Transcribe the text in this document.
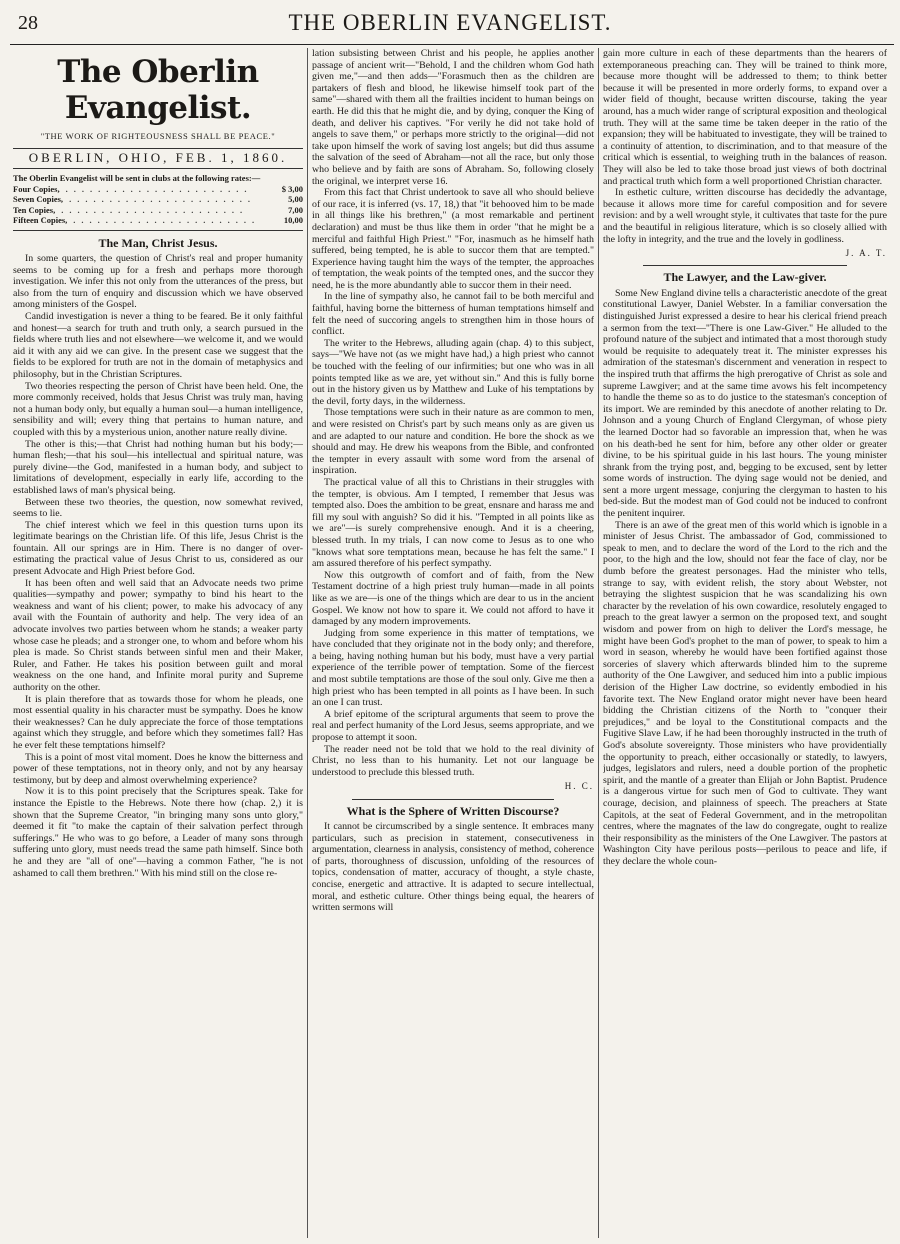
28	THE OBERLIN EVANGELIST.
The Oberlin Evangelist.
"THE WORK OF RIGHTEOUSNESS SHALL BE PEACE."
OBERLIN, OHIO, FEB. 1, 1860.
The Oberlin Evangelist will be sent in clubs at the following rates:—
Four Copies, .......................	$ 3,00
Seven Copies, .......................	5,00
Ten Copies, .......................	7,00
Fifteen Copies, .......................	10,00
The Man, Christ Jesus.

In some quarters, the question of Christ's real and proper humanity seems to be coming up for a fresh and perhaps more thorough investigation. We infer this not only from the utterances of the press, but also from the turn of enquiry and discussion which we have observed among ministers of the Gospel.

Candid investigation is never a thing to be feared. Be it only faithful and honest—a search for truth and truth only, a search pursued in the fields where truth lies and not elsewhere—we welcome it, and we would aid it with any aid we can give. In the present case we suggest that the fields to be explored for truth are not in the domain of metaphysics and philosophy, but in the Christian Scriptures.

Two theories respecting the person of Christ have been held. One, the more commonly received, holds that Jesus Christ was truly man, having not a human body only, but equally a human soul—a human intelligence, sensibility and will; every thing that pertains to human nature, and coupled with this by a mysterious union, another nature really divine.

The other is this;—that Christ had nothing human but his body;—human flesh;—that his soul—his intellectual and spiritual nature, was purely divine—the God, manifested in a human body, and subject to limitations of development, especially in early life, according to the established laws of man's physical being.

Between these two theories, the question, now somewhat revived, seems to lie.

The chief interest which we feel in this question turns upon its legitimate bearings on the Christian life. Of this life, Jesus Christ is the fountain. All our springs are in Him. There is no danger of over-estimating the practical value of Jesus Christ to us, considered as our present Advocate and High Priest before God.

It has been often and well said that an Advocate needs two prime qualities—sympathy and power; sympathy to bind his heart to the weakness and want of his client; power, to make his advocacy of any avail with the Fountain of authority and help. The very idea of an advocate involves two parties between whom he stands; a weaker party whose case he pleads; and a stronger one, to whom and before whom his plea is made. So Christ stands between sinful men and their Maker, Ruler, and Father. He takes his position between guilt and moral weakness on the one hand, and Infinite moral purity and Supreme authority on the other.

It is plain therefore that as towards those for whom he pleads, one most essential quality in his character must be sympathy. Does he know their weaknesses? Can he duly appreciate the force of those temptations against which they struggle, and before which they sometimes fall? Has he ever felt these temptations himself?

This is a point of most vital moment. Does he know the bitterness and power of these temptations, not in theory only, and not by any hearsay testimony, but by deep and almost overwhelming experience?

Now it is to this point precisely that the Scriptures speak. Take for instance the Epistle to the Hebrews. Note there how (chap. 2,) it is shown that the Supreme Creator, "in bringing many sons unto glory," deemed it fit "to make the captain of their salvation perfect through sufferings." He who was to go before, a Leader of many sons through suffering unto glory, must needs tread the same path himself. Since both he and they are "all of one"—having a common Father, "he is not ashamed to call them brethren." With his mind still on the close re-

lation subsisting between Christ and his people, he applies another passage of ancient writ—"Behold, I and the children whom God hath given me,"—and then adds—"Forasmuch then as the children are partakers of flesh and blood, he likewise himself took part of the same"—shared with them all the frailties incident to human beings on earth. He did this that he might die, and by dying, conquer the King of death, and deliver his captives. "For verily he did not take hold of angels to save them," or perhaps more strictly to the original—did not take upon himself the work of saving lost angels; but did thus assume the salvation of the seed of Abraham—not all the race, but only those who believe and by faith are sons of Abraham. So, following closely the original, we interpret verse 16.

From this fact that Christ undertook to save all who should believe of our race, it is inferred (vs. 17, 18,) that "it behooved him to be made in all things like his brethren," (a most remarkable and pertinent declaration) and must be thus like them in order "that he might be a merciful and faithful High Priest." "For, inasmuch as he himself hath suffered, being tempted, he is able to succor them that are tempted." Experience having taught him the ways of the tempter, the approaches of temptation, the weak points of the tempted ones, and the succor they need, he is the more abundantly able to succor them in their need.

In the line of sympathy also, he cannot fail to be both merciful and faithful, having borne the bitterness of human temptations himself and felt the need of succoring angels to strengthen him in those hours of conflict.

The writer to the Hebrews, alluding again (chap. 4) to this subject, says—"We have not (as we might have had,) a high priest who cannot be touched with the feeling of our infirmities; but one who was in all points tempted like as we are, yet without sin." And this is fully borne out in the history given us by Matthew and Luke of his temptations by the devil, forty days, in the wilderness.

Those temptations were such in their nature as are common to men, and were resisted on Christ's part by such means only as are given us and are adapted to our nature and condition. He bore the shock as we should and may. He drew his weapons from the Bible, and confronted the tempter in every assault with some word from the arsenal of inspiration.

The practical value of all this to Christians in their struggles with the tempter, is obvious. Am I tempted, I remember that Jesus was tempted also. Does the ambition to be great, ensnare and harass me and fill my soul with anguish? So did it his. "Tempted in all points like as we are"—is surely comprehensive enough. And it is a cheering, blessed truth. In my trials, I can now come to Jesus as to one who "knows what sore temptations mean, because he has felt the same." I am assured therefore of his perfect sympathy.

Now this outgrowth of comfort and of faith, from the New Testament doctrine of a high priest truly human—made in all points like as we are—is one of the things which are dear to us in the ancient Gospel. We know not how to spare it. We could not afford to have it damaged by any modern improvements.

Judging from some experience in this matter of temptations, we have concluded that they originate not in the body only; and therefore, a being, having nothing human but his body, must have a very partial experience of the terrible power of temptation. Some of the fiercest and most subtile temptations are those of the soul only. Give me then a high priest who has been tempted in all points as I have been. In such an one I can trust.

A brief epitome of the scriptural arguments that seem to prove the real and perfect humanity of the Lord Jesus, seems appropriate, and we propose to attempt it soon.

The reader need not be told that we hold to the real divinity of Christ, no less than to his humanity. Let not our language be understood to preclude this blessed truth.

H. C.
What is the Sphere of Written Discourse?

It cannot be circumscribed by a single sentence. It embraces many particulars, such as precision in statement, consecutiveness in argumentation, clearness in analysis, consistency of method, coherence of parts, thoroughness of discussion, unfolding of the resources of topics, condensation of matter, accuracy of thought, a style chaste, concise, energetic and attractive. It is adapted to secure intellectual, moral, and esthetic culture. Other things being equal, the hearers of written sermons will

gain more culture in each of these departments than the hearers of extemporaneous preaching can. They will be trained to think more, because more thought will be addressed to them; to think better because it will be presented in more orderly forms, to expand over a wider field of thought, because written discourse, taking the year around, has a much wider range of scriptural exposition and theological truth. They will at the same time be taken deeper in the ratio of the expansion; they will be habituated to investigate, they will be trained to a continuity of attention, to discrimination, and to that measure of the critical which is essential, to weighing truth in the balances of reason. They will also be led to take those broad just views of both doctrinal and practical truth which form a well proportioned Christian character.

In esthetic culture, written discourse has decidedly the advantage, because it allows more time for careful composition and for severe revision: and by a well wrought style, it cultivates that taste for the pure and the beautiful in religious literature, which is so closely allied with the lofty in integrity, and the true and the lovely in godliness.

J. A. T.
The Lawyer, and the Law-giver.

Some New England divine tells a characteristic anecdote of the great constitutional Lawyer, Daniel Webster. In a familiar conversation the distinguished Jurist expressed a desire to hear his clerical friend preach a sermon from the text—"There is one Law-Giver." He alluded to the profound nature of the subject and intimated that a most thorough study would be requisite to adequately treat it. The minister expresses his admiration of the statesman's discernment and veneration in respect to the inspired truth that affirms the high prerogative of Christ as sole and supreme Lawgiver; and at the same time avows his felt incompetency to handle the theme so as to do justice to the statesman's conception of its import. We are reminded by this anecdote of another relating to Dr. Johnson and a young Church of England Clergyman, of whose piety the learned Doctor had so favorable an impression that, when he was on his death-bed he sent for him, before any other older or greater divine, to be his spiritual guide in his last hours. The young minister shrank from the trying post, and, begging to be excused, sent by letter some words of instruction. The dying sage would not be denied, and sent a more urgent message, conjuring the clergyman to hasten to his bed-side. But the modest man of God could not be induced to confront the penitent inquirer.

There is an awe of the great men of this world which is ignoble in a minister of Jesus Christ. The ambassador of God, commissioned to speak to men, and to declare the word of the Lord to the rich and the poor, to the high and the low, should not fear the face of clay, nor be dumb before the greatest personages. Had the minister who tells, strange to say, with evident relish, the story about Webster, not betraying the slightest suspicion that he was scandalizing his own character by the revelation of his own cowardice, resolutely engaged to preach to the great lawyer a sermon on the proposed text, and sought wisdom and power from on high to deliver the Lord's message, he might have been God's prophet to the man of power, to speak to him a word in season, whereby he would have been fortified against those sorceries of slavery which afterwards blinded him to the supreme authority of the One Lawgiver, and seduced him into a public impious derision of the Higher Law doctrine, so evidently embodied in his favorite text. The New England orator might never have been heard bidding the Christian citizens of the North to "conquer their prejudices," and be loyal to the Constitutional compacts and the Fugitive Slave Law, if he had been thoroughly instructed in the truth of God's absolute sovereignty. Those ministers who have providentially the opportunity to preach, either occasionally or statedly, to lawyers, judges, legislators and rulers, need a double portion of the prophetic spirit, and the mantle of a greater than Elijah or John Baptist. Prudence is a dangerous virtue for such men of God to cultivate. They want courage, decision, and plainness of speech. The preachers at State Capitols, at the seat of Federal Government, and in the metropolitan centres, where the magnates of the law do congregate, ought to realize their responsibility as the ministers of the One Lawgiver. The pastors at Washington City have perilous posts—perilous to peace and life, if they declare the whole coun-
